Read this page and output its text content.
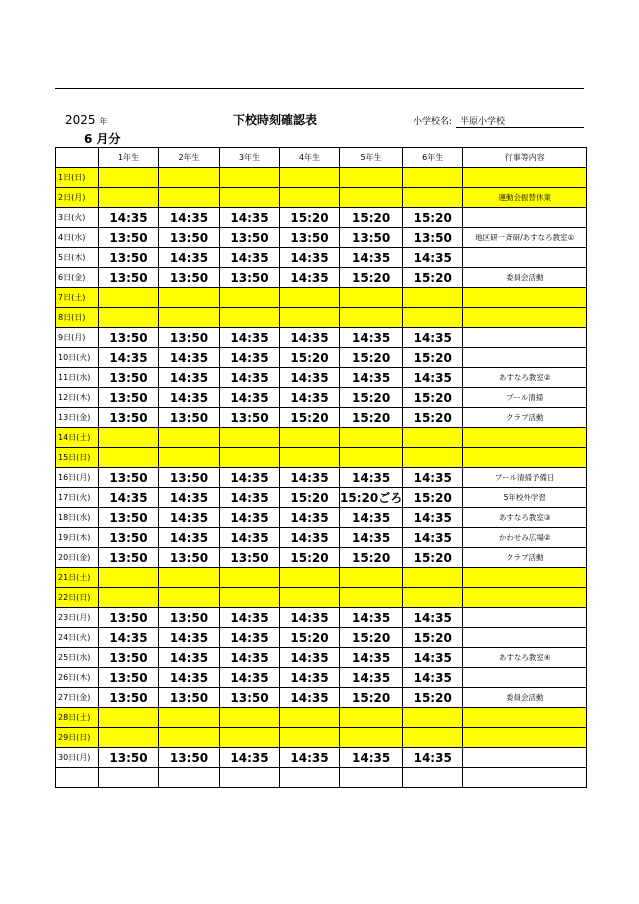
2025 年
6 月分
下校時刻確認表	小学校名: 半原小学校
	1年生	2年生	3年生	4年生	5年生	6年生	行事等内容
1日(日)							
2日(月)							運動会振替休業
3日(火)	14:35	14:35	14:35	15:20	15:20	15:20	
4日(水)	13:50	13:50	13:50	13:50	13:50	13:50	地区研一斉研/あすなろ教室①
5日(木)	13:50	14:35	14:35	14:35	14:35	14:35	
6日(金)	13:50	13:50	13:50	14:35	15:20	15:20	委員会活動
7日(土)							
8日(日)							
9日(月)	13:50	13:50	14:35	14:35	14:35	14:35	
10日(火)	14:35	14:35	14:35	15:20	15:20	15:20	
11日(水)	13:50	14:35	14:35	14:35	14:35	14:35	あすなろ教室②
12日(木)	13:50	14:35	14:35	14:35	15:20	15:20	プール清掃
13日(金)	13:50	13:50	13:50	15:20	15:20	15:20	クラブ活動
14日(土)							
15日(日)							
16日(月)	13:50	13:50	14:35	14:35	14:35	14:35	プール清掃予備日
17日(火)	14:35	14:35	14:35	15:20	15:20ごろ	15:20	5年校外学習
18日(水)	13:50	14:35	14:35	14:35	14:35	14:35	あすなろ教室③
19日(木)	13:50	14:35	14:35	14:35	14:35	14:35	かわせみ広場②
20日(金)	13:50	13:50	13:50	15:20	15:20	15:20	クラブ活動
21日(土)							
22日(日)							
23日(月)	13:50	13:50	14:35	14:35	14:35	14:35	
24日(火)	14:35	14:35	14:35	15:20	15:20	15:20	
25日(水)	13:50	14:35	14:35	14:35	14:35	14:35	あすなろ教室④
26日(木)	13:50	14:35	14:35	14:35	14:35	14:35	
27日(金)	13:50	13:50	13:50	14:35	15:20	15:20	委員会活動
28日(土)							
29日(日)							
30日(月)	13:50	13:50	14:35	14:35	14:35	14:35	
